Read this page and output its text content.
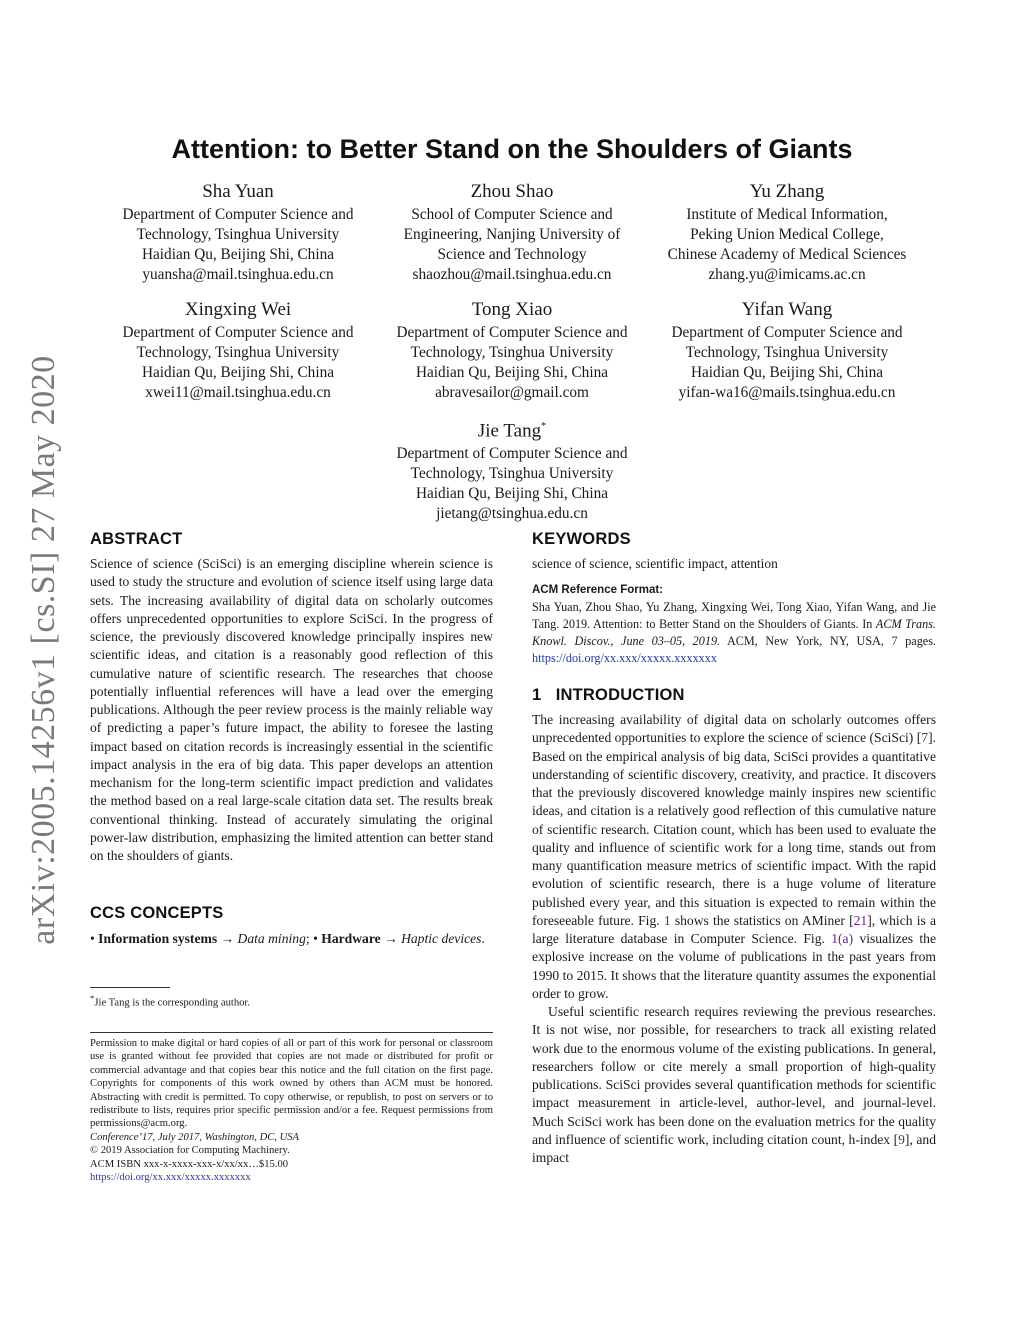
arXiv:2005.14256v1 [cs.SI] 27 May 2020
Attention: to Better Stand on the Shoulders of Giants
Sha Yuan
Department of Computer Science and
Technology, Tsinghua University
Haidian Qu, Beijing Shi, China
yuansha@mail.tsinghua.edu.cn
Zhou Shao
School of Computer Science and
Engineering, Nanjing University of
Science and Technology
shaozhou@mail.tsinghua.edu.cn
Yu Zhang
Institute of Medical Information,
Peking Union Medical College,
Chinese Academy of Medical Sciences
zhang.yu@imicams.ac.cn
Xingxing Wei
Department of Computer Science and
Technology, Tsinghua University
Haidian Qu, Beijing Shi, China
xwei11@mail.tsinghua.edu.cn
Tong Xiao
Department of Computer Science and
Technology, Tsinghua University
Haidian Qu, Beijing Shi, China
abravesailor@gmail.com
Yifan Wang
Department of Computer Science and
Technology, Tsinghua University
Haidian Qu, Beijing Shi, China
yifan-wa16@mails.tsinghua.edu.cn
Jie Tang*
Department of Computer Science and
Technology, Tsinghua University
Haidian Qu, Beijing Shi, China
jietang@tsinghua.edu.cn
ABSTRACT

Science of science (SciSci) is an emerging discipline wherein science is used to study the structure and evolution of science itself using large data sets. The increasing availability of digital data on scholarly outcomes offers unprecedented opportunities to explore SciSci. In the progress of science, the previously discovered knowledge principally inspires new scientific ideas, and citation is a reasonably good reflection of this cumulative nature of scientific research. The researches that choose potentially influential references will have a lead over the emerging publications. Although the peer review process is the mainly reliable way of predicting a paper’s future impact, the ability to foresee the lasting impact based on citation records is increasingly essential in the scientific impact analysis in the era of big data. This paper develops an attention mechanism for the long-term scientific impact prediction and validates the method based on a real large-scale citation data set. The results break conventional thinking. Instead of accurately simulating the original power-law distribution, emphasizing the limited attention can better stand on the shoulders of giants.

CCS CONCEPTS

• Information systems → Data mining; • Hardware → Haptic devices.

*Jie Tang is the corresponding author.

Permission to make digital or hard copies of all or part of this work for personal or classroom use is granted without fee provided that copies are not made or distributed for profit or commercial advantage and that copies bear this notice and the full citation on the first page. Copyrights for components of this work owned by others than ACM must be honored. Abstracting with credit is permitted. To copy otherwise, or republish, to post on servers or to redistribute to lists, requires prior specific permission and/or a fee. Request permissions from permissions@acm.org.

Conference’17, July 2017, Washington, DC, USA

© 2019 Association for Computing Machinery.

ACM ISBN xxx-x-xxxx-xxx-x/xx/xx…$15.00

https://doi.org/xx.xxx/xxxxx.xxxxxxx

KEYWORDS

science of science, scientific impact, attention

ACM Reference Format:

Sha Yuan, Zhou Shao, Yu Zhang, Xingxing Wei, Tong Xiao, Yifan Wang, and Jie Tang. 2019. Attention: to Better Stand on the Shoulders of Giants. In ACM Trans. Knowl. Discov., June 03–05, 2019. ACM, New York, NY, USA, 7 pages. https://doi.org/xx.xxx/xxxxx.xxxxxxx

1 INTRODUCTION

The increasing availability of digital data on scholarly outcomes offers unprecedented opportunities to explore the science of science (SciSci) [7]. Based on the empirical analysis of big data, SciSci provides a quantitative understanding of scientific discovery, creativity, and practice. It discovers that the previously discovered knowledge mainly inspires new scientific ideas, and citation is a relatively good reflection of this cumulative nature of scientific research. Citation count, which has been used to evaluate the quality and influence of scientific work for a long time, stands out from many quantification measure metrics of scientific impact. With the rapid evolution of scientific research, there is a huge volume of literature published every year, and this situation is expected to remain within the foreseeable future. Fig. 1 shows the statistics on AMiner [21], which is a large literature database in Computer Science. Fig. 1(a) visualizes the explosive increase on the volume of publications in the past years from 1990 to 2015. It shows that the literature quantity assumes the exponential order to grow.

Useful scientific research requires reviewing the previous researches. It is not wise, nor possible, for researchers to track all existing related work due to the enormous volume of the existing publications. In general, researchers follow or cite merely a small proportion of high-quality publications. SciSci provides several quantification methods for scientific impact measurement in article-level, author-level, and journal-level. Much SciSci work has been done on the evaluation metrics for the quality and influence of scientific work, including citation count, h-index [9], and impact
